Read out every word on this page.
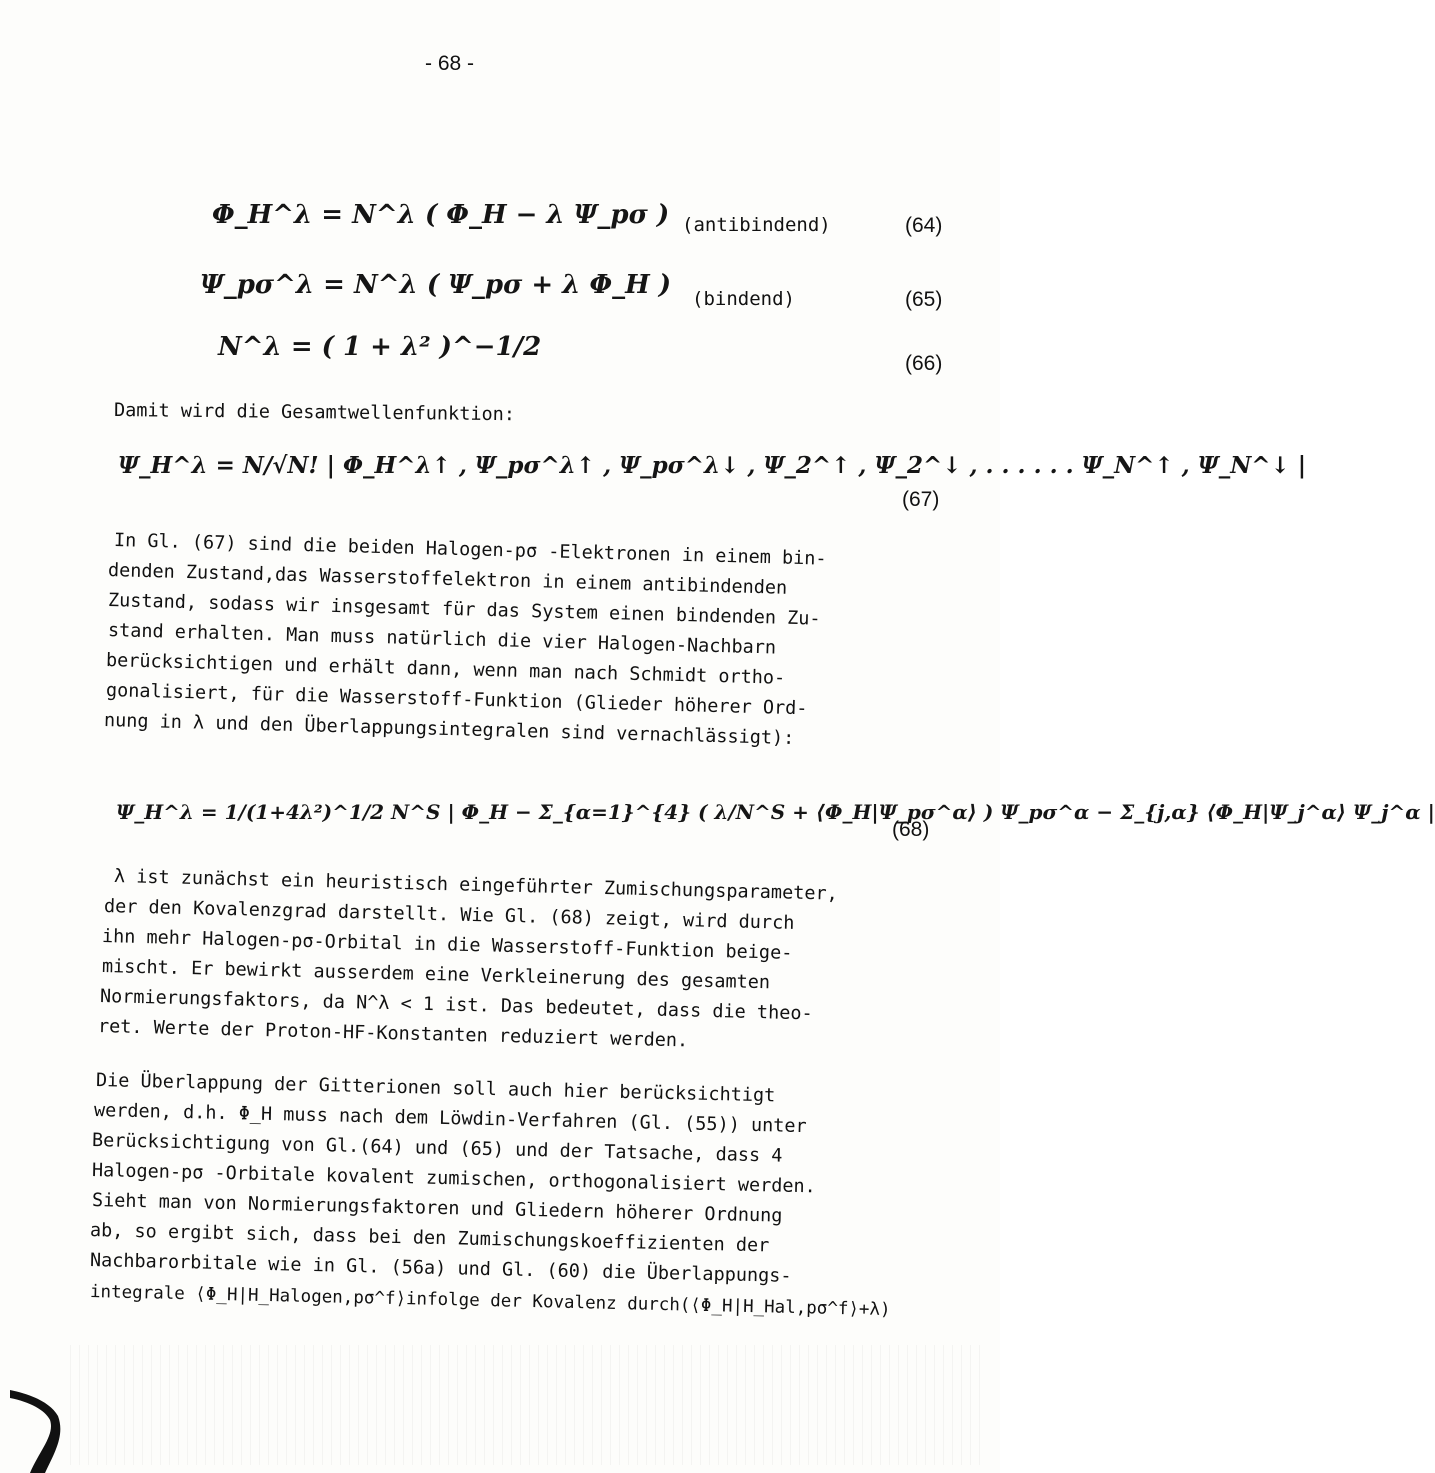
- 68 -
Φ_H^λ = N^λ ( Φ_H − λ Ψ_pσ ) (antibindend)	(64)
Ψ_pσ^λ = N^λ ( Ψ_pσ + λ Φ_H ) (bindend)	(65)
N^λ = ( 1 + λ² )^−1/2
(66)
Damit wird die Gesamtwellenfunktion:
Ψ_H^λ = N/√N! | Φ_H^λ↑ , Ψ_pσ^λ↑ , Ψ_pσ^λ↓ , Ψ_2^↑ , Ψ_2^↓ , . . . . . . Ψ_N^↑ , Ψ_N^↓ |
(67)
In Gl. (67) sind die beiden Halogen-pσ -Elektronen in einem bin-
denden Zustand,das Wasserstoffelektron in einem antibindenden
Zustand, sodass wir insgesamt für das System einen bindenden Zu-
stand erhalten. Man muss natürlich die vier Halogen-Nachbarn
berücksichtigen und erhält dann, wenn man nach Schmidt ortho-
gonalisiert, für die Wasserstoff-Funktion (Glieder höherer Ord-
nung in λ und den Überlappungsintegralen sind vernachlässigt):
Ψ_H^λ = 1/(1+4λ²)^1/2 N^S | Φ_H − Σ_{α=1}^{4} ( λ/N^S + ⟨Φ_H|Ψ_pσ^α⟩ ) Ψ_pσ^α − Σ_{j,α} ⟨Φ_H|Ψ_j^α⟩ Ψ_j^α |
(68)
λ ist zunächst ein heuristisch eingeführter Zumischungsparameter,
der den Kovalenzgrad darstellt. Wie Gl. (68) zeigt, wird durch
ihn mehr Halogen-pσ-Orbital in die Wasserstoff-Funktion beige-
mischt. Er bewirkt ausserdem eine Verkleinerung des gesamten
Normierungsfaktors, da N^λ < 1 ist. Das bedeutet, dass die theo-
ret. Werte der Proton-HF-Konstanten reduziert werden.
Die Überlappung der Gitterionen soll auch hier berücksichtigt
werden, d.h. Φ_H muss nach dem Löwdin-Verfahren (Gl. (55)) unter
Berücksichtigung von Gl.(64) und (65) und der Tatsache, dass 4
Halogen-pσ -Orbitale kovalent zumischen, orthogonalisiert werden.
Sieht man von Normierungsfaktoren und Gliedern höherer Ordnung
ab, so ergibt sich, dass bei den Zumischungskoeffizienten der
Nachbarorbitale wie in Gl. (56a) und Gl. (60) die Überlappungs-
integrale ⟨Φ_H|H_Halogen,pσ^f⟩infolge der Kovalenz durch(⟨Φ_H|H_Hal,pσ^f⟩+λ)
